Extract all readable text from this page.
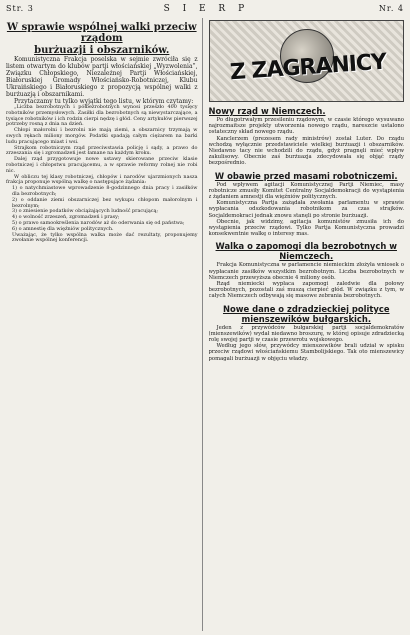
Str. 3	S I E R P	Nr. 4
W sprawie wspólnej walki przeciw rządom
burżuazji i obszarników.

Komunistyczna Frakcja poselska w sejmie zwróciła się z listem otwartym do klubów partji włościańskiej „Wyzwolenia”, Związku Chłopskiego, Niezależnej Partji Włościańskiej, Białoruskiej Gromady Włościańsko-Robotniczej, Klubu Ukraińskiego i Białoruskiego z propozycją wspólnej walki z burżuazją i obszarnikami.

Przytaczamy tu tylko wyjątki tego listu, w którym czytamy:

„Liczba bezrobotnych i półbezrobotnych wynosi przeszło 400 tysięcy robotników przemysłowych. Zasiłki dla bezrobotnych są niewystarczające, a tysiące robotników i ich rodzin cierpi nędzę i głód. Ceny artykułów pierwszej potrzeby rosną z dnia na dzień.

Chłopi małorolni i bezrolni nie mają ziemi, a obszarnicy trzymają w swych rękach miliony morgów. Podatki spadają całym ciężarem na barki ludu pracującego miast i wsi.

Strajkom robotniczym rząd przeciwstawia policję i sądy, a prawo do zrzeszania się i zgromadzeń jest łamane na każdym kroku.

Dalej rząd przygotowuje nowe ustawy skierowane przeciw klasie robotniczej i chłopstwu pracującemu, a w sprawie reformy rolnej nie robi nic.

W obliczu tej klasy robotniczej, chłopów i narodów ujarzmionych nasza frakcja proponuje wspólną walkę o następujące żądania:

1) o natychmiastowe wprowadzenie 8-godzinnego dnia pracy i zasiłków dla bezrobotnych;

2) o oddanie ziemi obszarniczej bez wykupu chłopom małorolnym i bezrolnym;

3) o zniesienie podatków obciążających ludność pracującą;

4) o wolność zrzeszeń, zgromadzeń i prasy;

5) o prawo samookreślenia narodów aż do oderwania się od państwa;

6) o amnestię dla więźniów politycznych.

Uważając, że tylko wspólna walka może dać rezultaty, proponujemy zwołanie wspólnej konferencji.

Z ZAGRANICY
Nowy rząd w Niemczech.

Po długotrwałym przesileniu rządowym, w czasie którego wysuwano najrozmaitsze projekty utworzenia nowego rządu, nareszcie ustalono ostateczny skład nowego rządu.

Kanclerzem (prezesem rady ministrów) został Luter. Do rządu wchodzą wyłącznie przedstawiciele wielkiej burżuazji i obszarników. Niedawno tacy nie wchodzili do rządu, gdyż pragnęli mieć wpływ zakulisowy. Obecnie zaś burżuazja zdecydowała się objąć rządy bezpośrednio.

W obawie przed masami robotniczemi.

Pod wpływem agitacji Komunistycznej Partji Niemiec, masy robotnicze zmusiły Komitet Centralny Socjaldemokracji do wystąpienia z żądaniem amnestji dla więźniów politycznych.

Komunistyczna Partja zażądała zwołania parlamentu w sprawie wypłacania odszkodowania robotnikom za czas strajków. Socjaldemokraci jednak znowu stanęli po stronie burżuazji.

Obecnie, jak widzimy, agitacja komunistów zmusiła ich do wystąpienia przeciw rządowi. Tylko Partja Komunistyczna prowadzi konsekwentnie walkę o interesy mas.

Walka o zapomogi dla bezrobotnych w Niemczech.

Frakcja Komunistyczna w parlamencie niemieckim złożyła wniosek o wypłacanie zasiłków wszystkim bezrobotnym. Liczba bezrobotnych w Niemczech przewyższa obecnie 4 miliony osób.

Rząd niemiecki wypłaca zapomogi zaledwie dla połowy bezrobotnych, pozostali zaś muszą cierpieć głód. W związku z tym, w całych Niemczech odbywają się masowe zebrania bezrobotnych.

Nowe dane o zdradzieckiej polityce mienszewików bułgarskich.

Jeden z przywódców bułgarskiej partji socjaldemokratów (mienszewików) wydał niedawno broszurę, w której opisuje zdradziecką rolę swojej partji w czasie przewrotu wojskowego.

Według jego słów, przywódcy mienszewików brali udział w spisku przeciw rządowi włościańskiemu Stambolijskiego. Tak oto mienszewicy pomagali burżuazji w objęciu władzy.
